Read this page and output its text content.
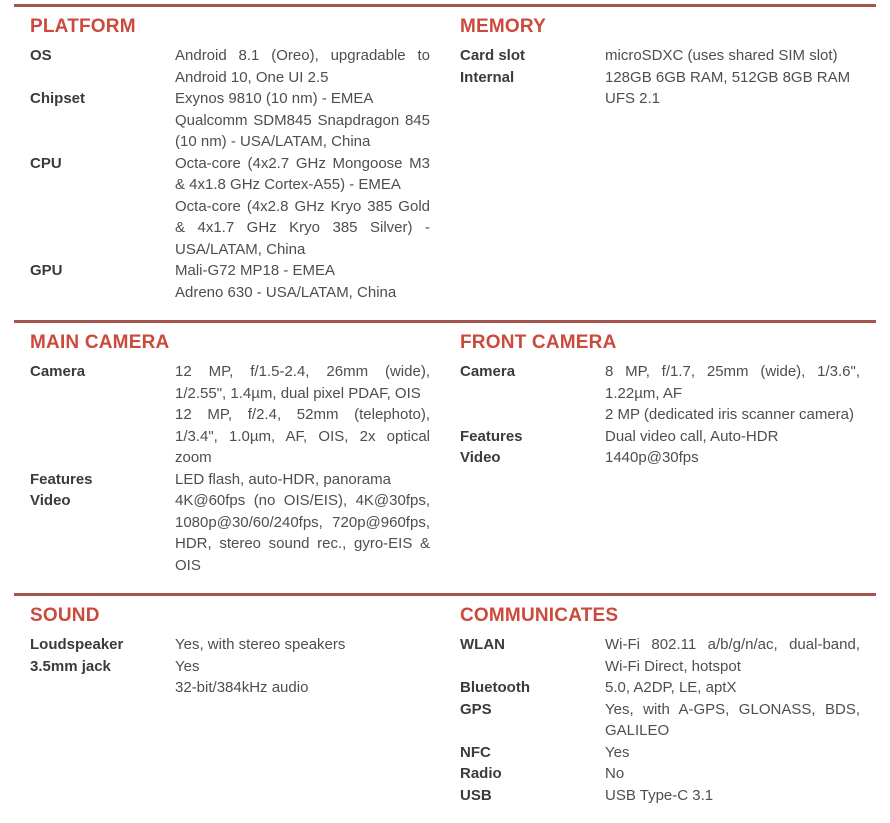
PLATFORM
OS	Android 8.1 (Oreo), upgradable to Android 10, One UI 2.5
Chipset	Exynos 9810 (10 nm) - EMEA
Qualcomm SDM845 Snapdragon 845 (10 nm) - USA/LATAM, China
CPU	Octa-core (4x2.7 GHz Mongoose M3 & 4x1.8 GHz Cortex-A55) - EMEA
Octa-core (4x2.8 GHz Kryo 385 Gold & 4x1.7 GHz Kryo 385 Silver) - USA/LATAM, China
GPU	Mali-G72 MP18 - EMEA
Adreno 630 - USA/LATAM, China
MEMORY
Card slot	microSDXC (uses shared SIM slot)
Internal	128GB 6GB RAM, 512GB 8GB RAM
UFS 2.1
MAIN CAMERA
Camera	12 MP, f/1.5-2.4, 26mm (wide), 1/2.55", 1.4µm, dual pixel PDAF, OIS
12 MP, f/2.4, 52mm (telephoto), 1/3.4", 1.0µm, AF, OIS, 2x optical zoom
Features	LED flash, auto-HDR, panorama
Video	4K@60fps (no OIS/EIS), 4K@30fps, 1080p@30/60/240fps, 720p@960fps, HDR, stereo sound rec., gyro-EIS & OIS
FRONT CAMERA
Camera	8 MP, f/1.7, 25mm (wide), 1/3.6", 1.22µm, AF
2 MP (dedicated iris scanner camera)
Features	Dual video call, Auto-HDR
Video	1440p@30fps
SOUND
Loudspeaker	Yes, with stereo speakers
3.5mm jack	Yes
32-bit/384kHz audio
COMMUNICATES
WLAN	Wi-Fi 802.11 a/b/g/n/ac, dual-band, Wi-Fi Direct, hotspot
Bluetooth	5.0, A2DP, LE, aptX
GPS	Yes, with A-GPS, GLONASS, BDS, GALILEO
NFC	Yes
Radio	No
USB	USB Type-C 3.1
